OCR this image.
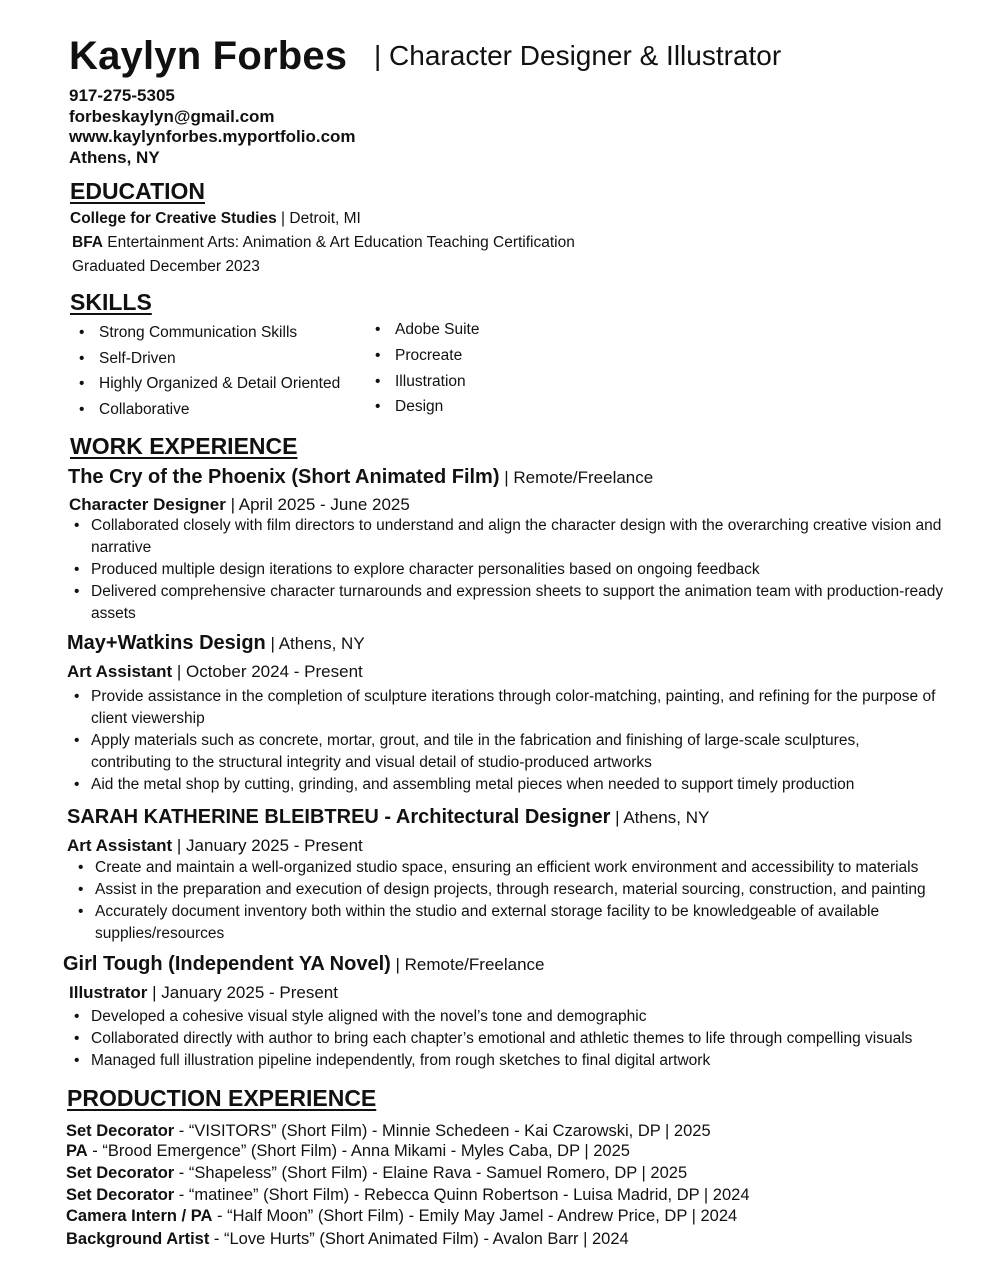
Kaylyn Forbes | Character Designer & Illustrator
917-275-5305
forbeskaylyn@gmail.com
www.kaylynforbes.myportfolio.com
Athens, NY
EDUCATION
College for Creative Studies | Detroit, MI
BFA Entertainment Arts: Animation & Art Education Teaching Certification
Graduated December 2023
SKILLS
• Strong Communication Skills
• Self-Driven
• Highly Organized & Detail Oriented
• Collaborative
• Adobe Suite
• Procreate
• Illustration
• Design
WORK EXPERIENCE
The Cry of the Phoenix (Short Animated Film) | Remote/Freelance
Character Designer | April 2025 - June 2025
• Collaborated closely with film directors to understand and align the character design with the overarching creative vision and narrative
• Produced multiple design iterations to explore character personalities based on ongoing feedback
• Delivered comprehensive character turnarounds and expression sheets to support the animation team with production-ready assets
May+Watkins Design | Athens, NY
Art Assistant | October 2024 - Present
• Provide assistance in the completion of sculpture iterations through color-matching, painting, and refining for the purpose of client viewership
• Apply materials such as concrete, mortar, grout, and tile in the fabrication and finishing of large-scale sculptures, contributing to the structural integrity and visual detail of studio-produced artworks
• Aid the metal shop by cutting, grinding, and assembling metal pieces when needed to support timely production
SARAH KATHERINE BLEIBTREU - Architectural Designer | Athens, NY
Art Assistant | January 2025 - Present
• Create and maintain a well-organized studio space, ensuring an efficient work environment and accessibility to materials
• Assist in the preparation and execution of design projects, through research, material sourcing, construction, and painting
• Accurately document inventory both within the studio and external storage facility to be knowledgeable of available supplies/resources
Girl Tough (Independent YA Novel) | Remote/Freelance
Illustrator | January 2025 - Present
• Developed a cohesive visual style aligned with the novel’s tone and demographic
• Collaborated directly with author to bring each chapter’s emotional and athletic themes to life through compelling visuals
• Managed full illustration pipeline independently, from rough sketches to final digital artwork
PRODUCTION EXPERIENCE
Set Decorator - “VISITORS” (Short Film) - Minnie Schedeen - Kai Czarowski, DP | 2025
PA - “Brood Emergence” (Short Film) - Anna Mikami - Myles Caba, DP | 2025
Set Decorator - “Shapeless” (Short Film) - Elaine Rava - Samuel Romero, DP | 2025
Set Decorator - “matinee” (Short Film) - Rebecca Quinn Robertson - Luisa Madrid, DP | 2024
Camera Intern / PA - “Half Moon” (Short Film) - Emily May Jamel - Andrew Price, DP | 2024
Background Artist - “Love Hurts” (Short Animated Film) - Avalon Barr | 2024
